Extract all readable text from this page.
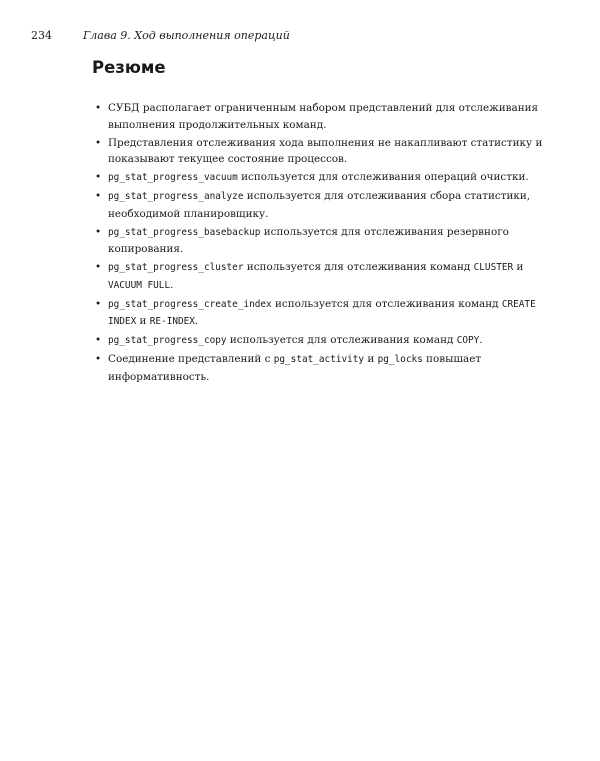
234	Глава 9. Ход выполнения операций
Резюме
• СУБД располагает ограниченным набором представлений для отслеживания выполнения продолжительных команд.
• Представления отслеживания хода выполнения не накапливают статистику и показывают текущее состояние процессов.
• pg_stat_progress_vacuum используется для отслеживания операций очистки.
• pg_stat_progress_analyze используется для отслеживания сбора статистики, необходимой планировщику.
• pg_stat_progress_basebackup используется для отслеживания резервного копирования.
• pg_stat_progress_cluster используется для отслеживания команд CLUSTER и VACUUM FULL.
• pg_stat_progress_create_index используется для отслеживания команд CREATE INDEX и RE-INDEX.
• pg_stat_progress_copy используется для отслеживания команд COPY.
• Соединение представлений с pg_stat_activity и pg_locks повышает информативность.
